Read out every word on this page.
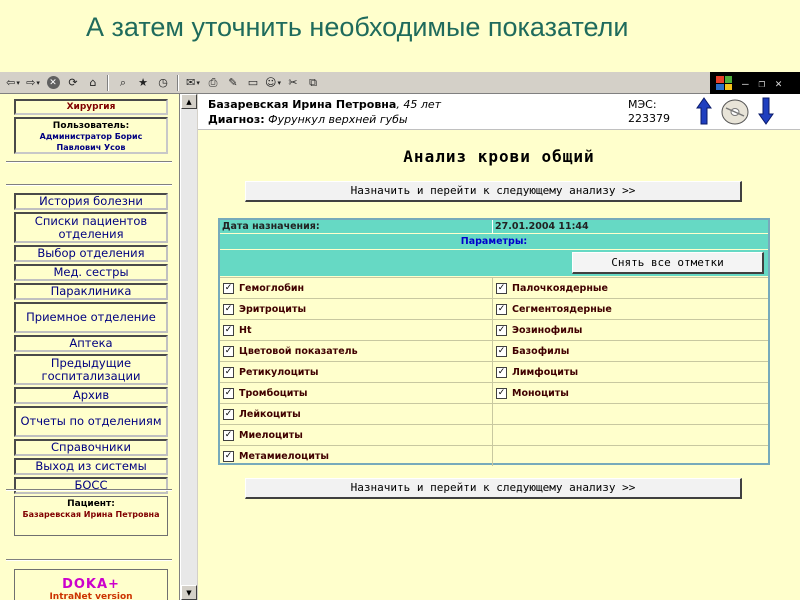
А затем уточнить необходимые показатели
⇦ ▾ ⇨ ▾	✕ ⟳ ⌂ ⌕ ★ ◷ ✉ ▾ ⎙ ✎ ▭ ☺ ▾ ✂ ⧉	– ❐ ✕
Хирургия
Пользователь:
Администратор Борис Павлович Усов
История болезни
Списки пациентов отделения
Выбор отделения
Мед. сестры
Параклиника
Приемное отделение
Аптека
Предыдущие госпитализации
Архив
Отчеты по отделениям
Справочники
Выход из системы
БОСС
Пациент:
Базаревская Ирина Петровна
DOKA+
IntraNet version
▲
▼
Базаревская Ирина Петровна, 45 лет
Диагноз: Фурункул верхней губы
МЭС:
223379
Анализ крови общий
Назначить и перейти к следующему анализу >>
Дата назначения:	27.01.2004 11:44
Параметры:
Снять все отметки
✓ Гемоглобин	✓ Палочкоядерные
✓ Эритроциты	✓ Сегментоядерные
✓ Ht	✓ Эозинофилы
✓ Цветовой показатель	✓ Базофилы
✓ Ретикулоциты	✓ Лимфоциты
✓ Тромбоциты	✓ Моноциты
✓ Лейкоциты
✓ Миелоциты
✓ Метамиелоциты
Назначить и перейти к следующему анализу >>
